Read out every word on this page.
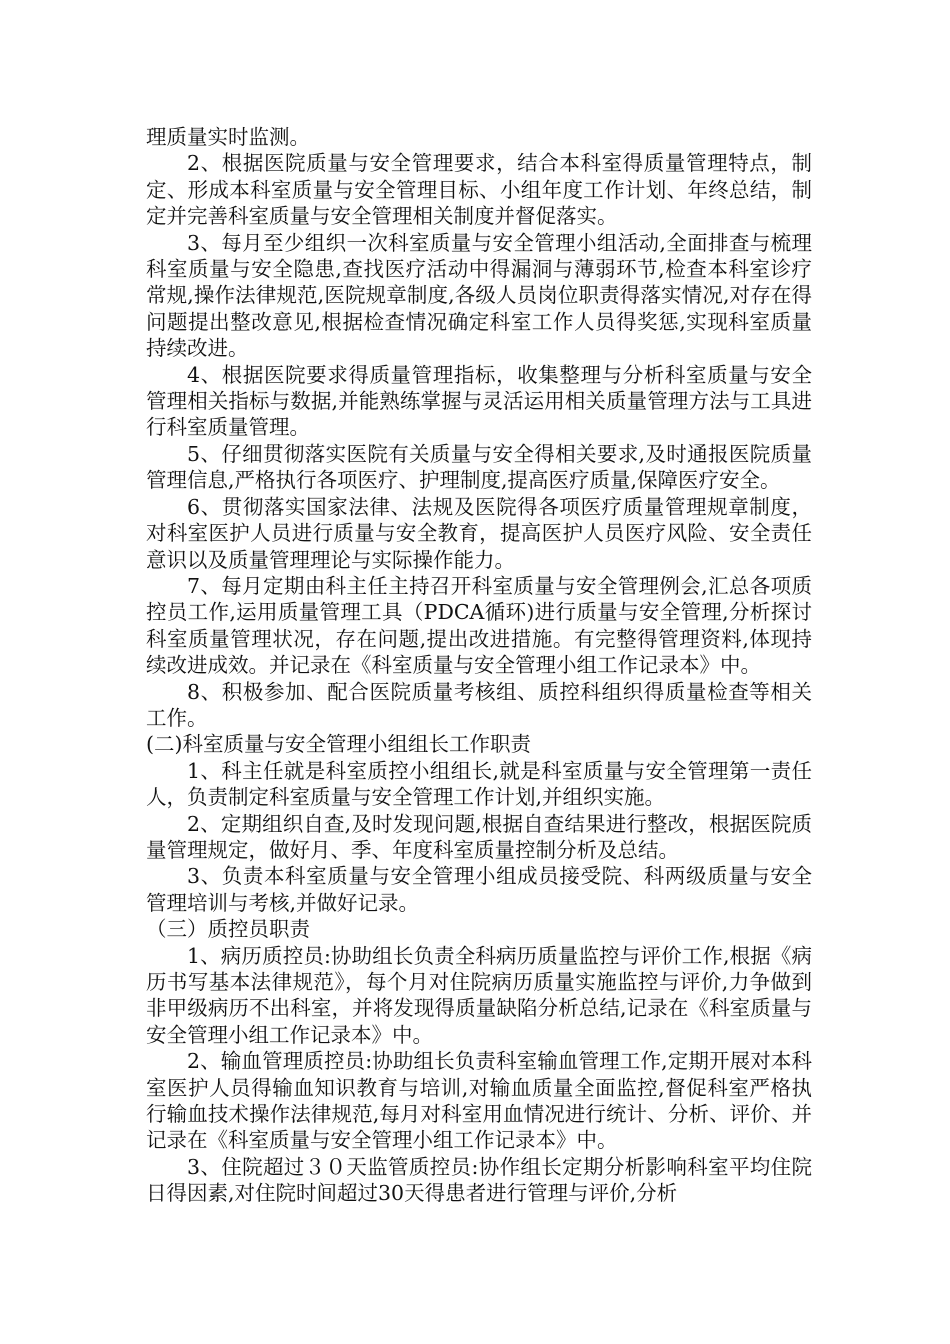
理质量实时监测。

2、根据医院质量与安全管理要求，结合本科室得质量管理特点，制定、形成本科室质量与安全管理目标、小组年度工作计划、年终总结，制定并完善科室质量与安全管理相关制度并督促落实。

3、每月至少组织一次科室质量与安全管理小组活动,全面排查与梳理科室质量与安全隐患,查找医疗活动中得漏洞与薄弱环节,检查本科室诊疗常规,操作法律规范,医院规章制度,各级人员岗位职责得落实情况,对存在得问题提出整改意见,根据检查情况确定科室工作人员得奖惩,实现科室质量持续改进。

4、根据医院要求得质量管理指标，收集整理与分析科室质量与安全管理相关指标与数据,并能熟练掌握与灵活运用相关质量管理方法与工具进行科室质量管理。

5、仔细贯彻落实医院有关质量与安全得相关要求,及时通报医院质量管理信息,严格执行各项医疗、护理制度,提高医疗质量,保障医疗安全。

6、贯彻落实国家法律、法规及医院得各项医疗质量管理规章制度，对科室医护人员进行质量与安全教育，提高医护人员医疗风险、安全责任意识以及质量管理理论与实际操作能力。

7、每月定期由科主任主持召开科室质量与安全管理例会,汇总各项质控员工作,运用质量管理工具（PDCA循环)进行质量与安全管理,分析探讨科室质量管理状况，存在问题,提出改进措施。有完整得管理资料,体现持续改进成效。并记录在《科室质量与安全管理小组工作记录本》中。

8、积极参加、配合医院质量考核组、质控科组织得质量检查等相关工作。

(二)科室质量与安全管理小组组长工作职责

1、科主任就是科室质控小组组长,就是科室质量与安全管理第一责任人，负责制定科室质量与安全管理工作计划,并组织实施。

2、定期组织自查,及时发现问题,根据自查结果进行整改，根据医院质量管理规定，做好月、季、年度科室质量控制分析及总结。

3、负责本科室质量与安全管理小组成员接受院、科两级质量与安全管理培训与考核,并做好记录。

（三）质控员职责

1、病历质控员:协助组长负责全科病历质量监控与评价工作,根据《病历书写基本法律规范》，每个月对住院病历质量实施监控与评价,力争做到非甲级病历不出科室，并将发现得质量缺陷分析总结,记录在《科室质量与安全管理小组工作记录本》中。

2、输血管理质控员:协助组长负责科室输血管理工作,定期开展对本科室医护人员得输血知识教育与培训,对输血质量全面监控,督促科室严格执行输血技术操作法律规范,每月对科室用血情况进行统计、分析、评价、并记录在《科室质量与安全管理小组工作记录本》中。

3、住院超过３０天监管质控员:协作组长定期分析影响科室平均住院日得因素,对住院时间超过30天得患者进行管理与评价,分析
